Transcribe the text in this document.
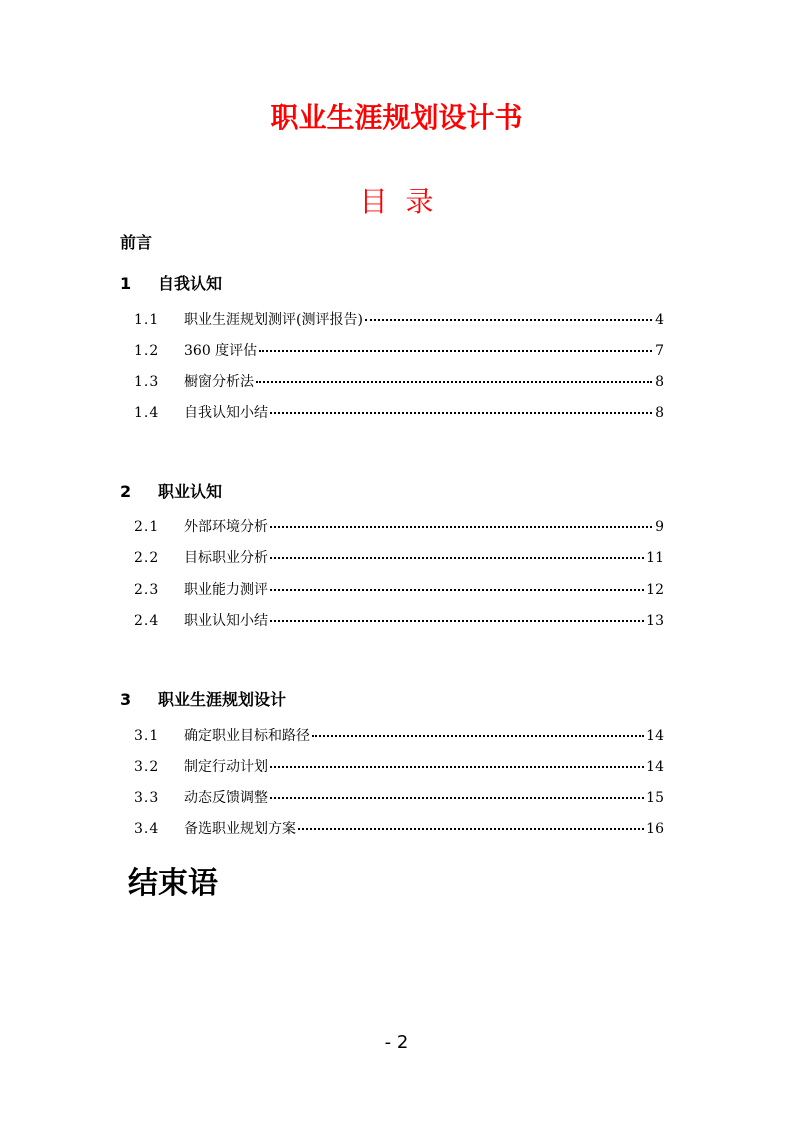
职业生涯规划设计书
目录
前言
1 自我认知
1.1	职业生涯规划测评(测评报告)	4
1.2	360 度评估	7
1.3	橱窗分析法	8
1.4	自我认知小结	8
2 职业认知
2.1	外部环境分析	9
2.2	目标职业分析	11
2.3	职业能力测评	12
2.4	职业认知小结	13
3 职业生涯规划设计
3.1	确定职业目标和路径	14
3.2	制定行动计划	14
3.3	动态反馈调整	15
3.4	备选职业规划方案	16
结束语
- 2
